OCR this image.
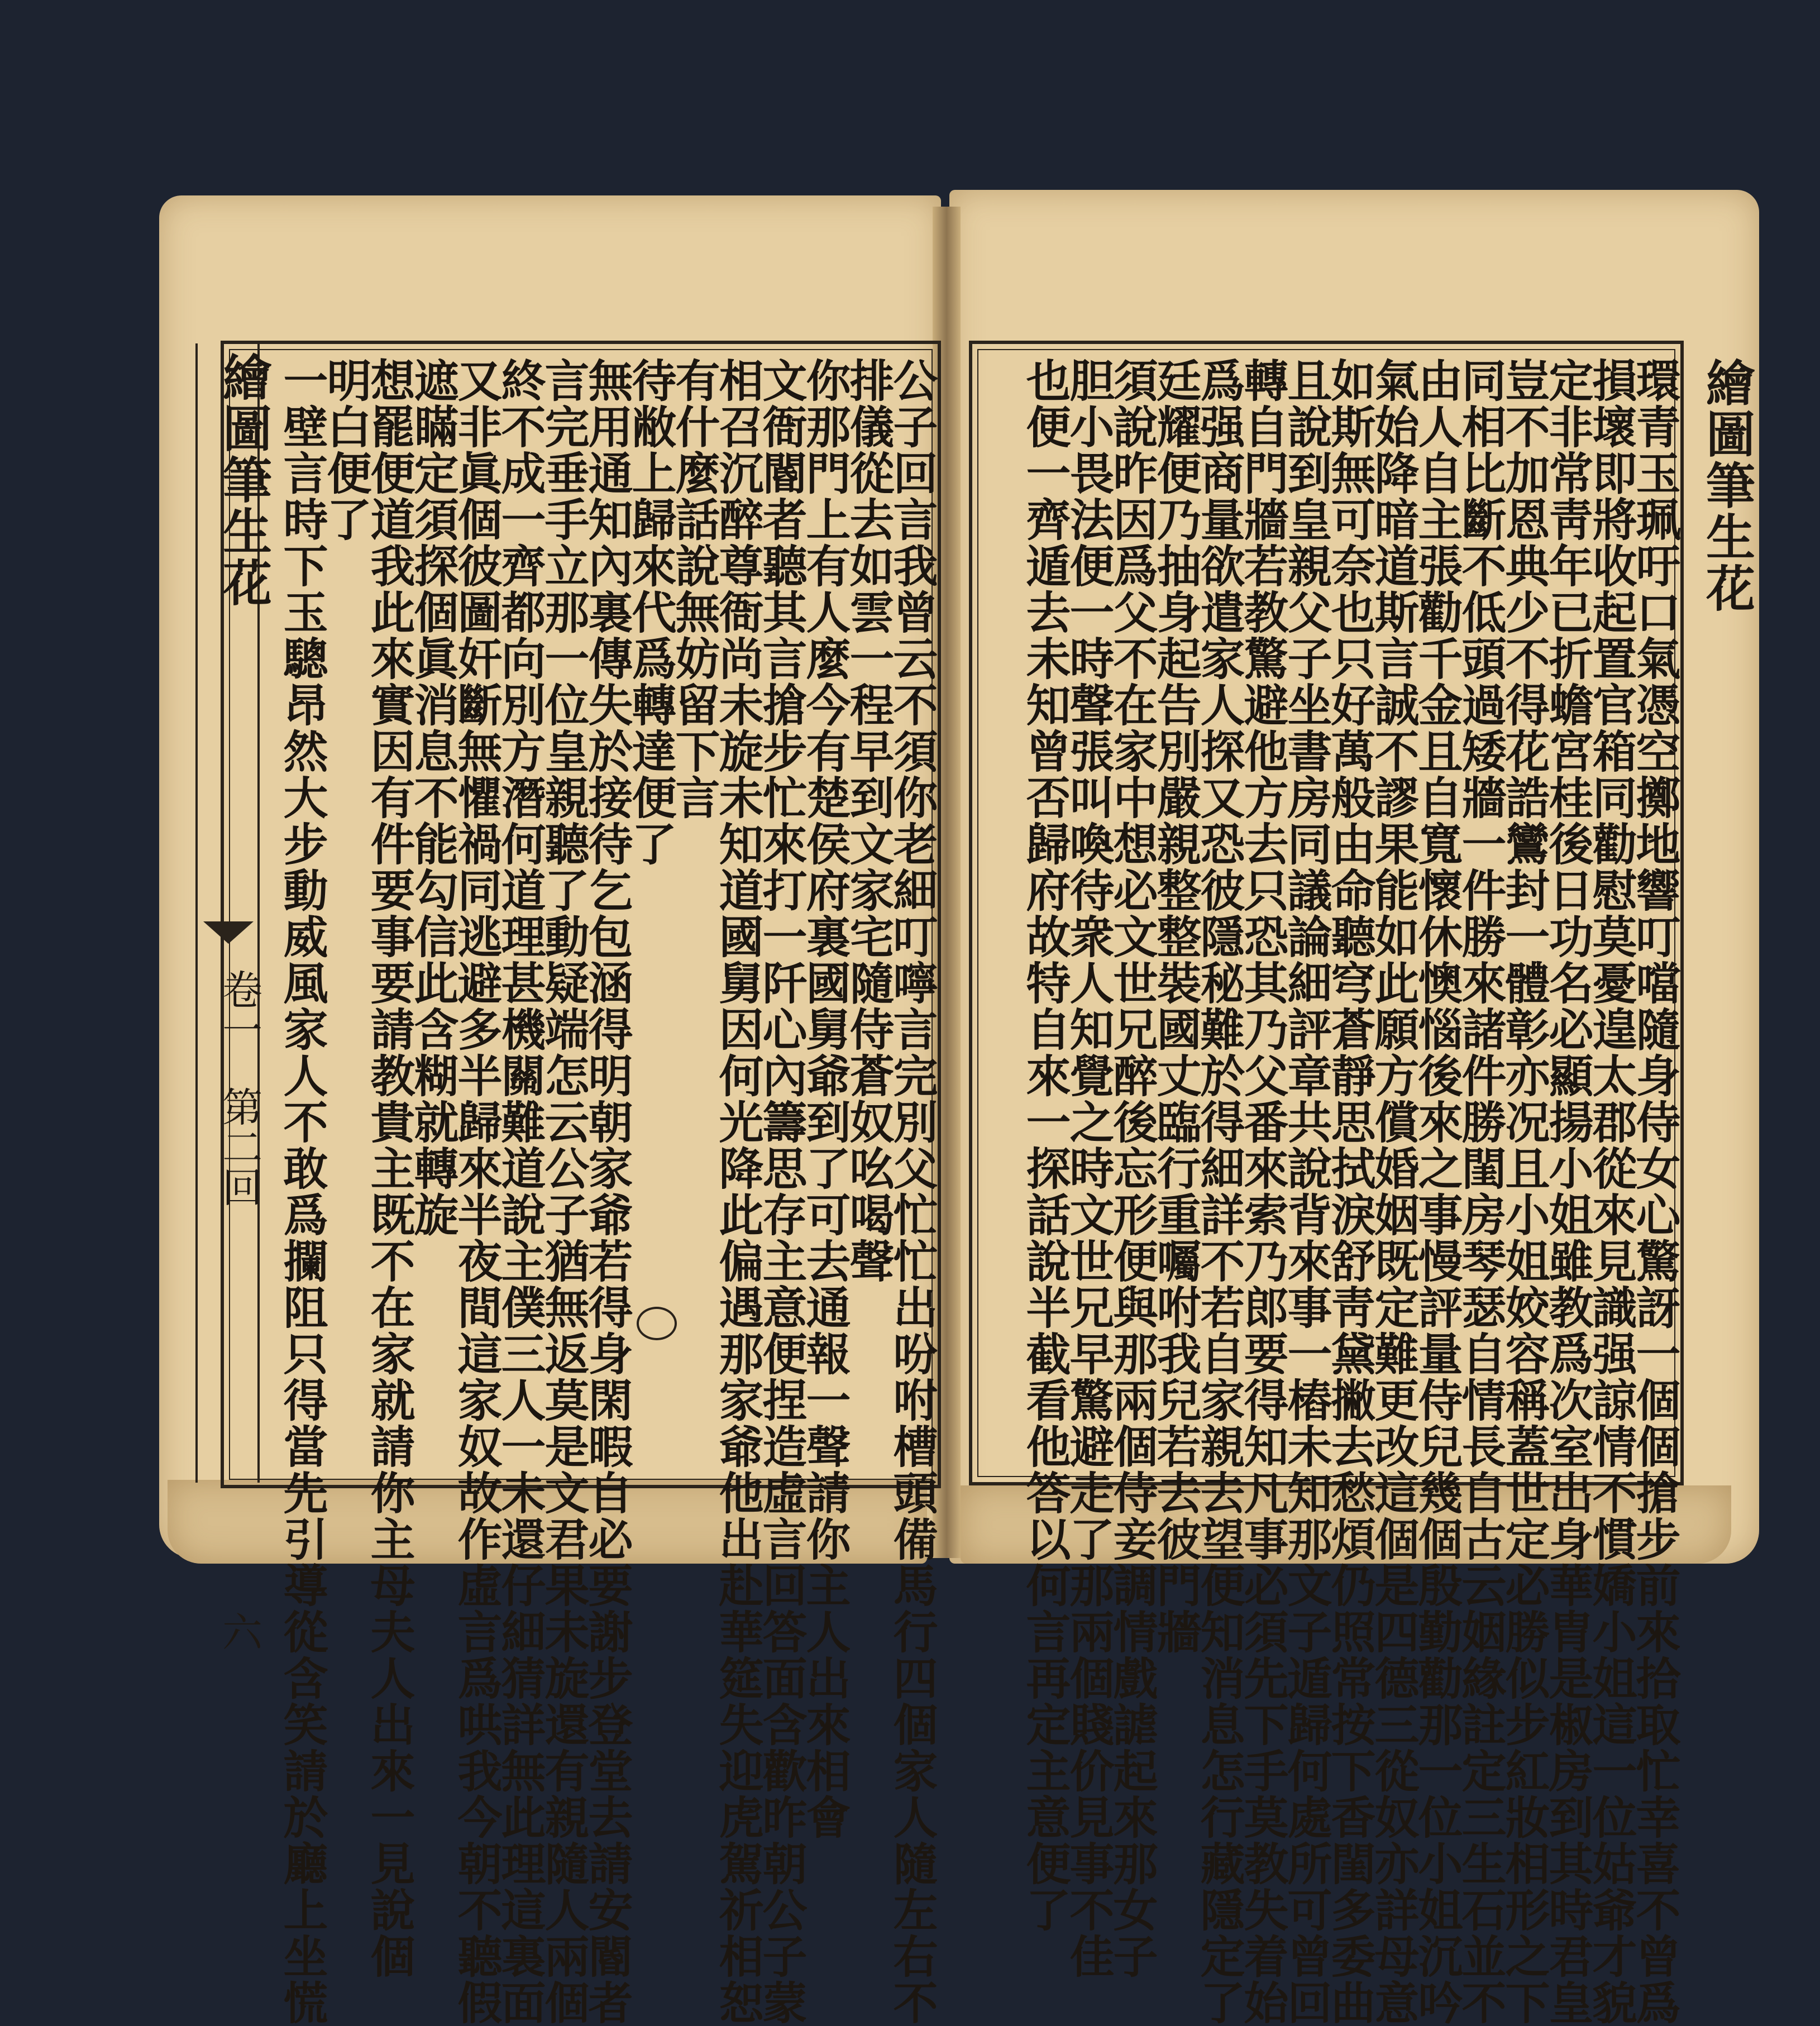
繪圖筆生花
卷一
第二回
六
繪圖筆生花
公子回言我曾云不須你老細叮嚀言完別父忙忙出吩咐槽頭備馬行四個家人隨左右不
排儀從去如雲一程早到文家宅隨侍蒼奴吆喝聲
你那門上有人麼今有楚侯府裏國舅爺到了可去通報一聲請你主人出來相會
文衙閽者聽其言搶步忙來打一阡心內籌思存主意便捏造虛言回答面含歡昨朝公子蒙
相召沉醉尊衙尚未旋未知道國舅因何光降此偏遇那家爺他出赴華筵失迎虎駕祈相恕
有什麼話說無妨留下言
待敝上歸來代爲轉達便了
無用通知內裏傳失於接待乞包涵得明朝家爺若得身閑暇自必要謝步登堂去請安閽者
言完垂手立那一位皇親聽了動疑端怎云公子猶無返莫是文君果未旋還有親隨人兩個
終不成一齊都向別方潛何道理甚機關難道說主僕三人一未還仔細猜詳無此理這裏面
又非眞個彼圖奸斷無懼禍同逃避多半歸來半夜間這家奴故作虛言爲哄我今朝不聽假
遮瞞定須探個眞消息不能勾信此含糊就轉旋
想罷便道我此來實因有件要事要請教貴主既不在家就請你主母夫人出來一見說個
明白便了
一壁言時下玉驄昂然大步動威風家人不敢爲攔阻只得當先引導從含笑請於廳上坐慌	環青玉珮吁口氣憑空擲地響叮噹隨身侍女心驚訝一個個搶步前來拾取忙幸喜不曾爲
損壞即將收起置官箱同勸慰莫憂遑太郡從來見識强諒情不慣嬌小姐這一位姑爺才貌
定非常靑年已折蟾宮桂後日功名必顯揚小姐雖教爲次室出身華胄是椒房到其時君皇
豈不加恩典少不得花誥鸞封一體彰亦况且小姐姣容稱蓋世定必勝似步紅妝相形之下
同相比斷不低頭過矮牆一件勝來諸件勝閨房琴瑟自情長自古云姻緣註定三生石並不
由人自主張勸千金且自寬懷休懊惱後來之事慢評量侍兒幾個殷勤勸那一位小姐沉吟
氣始降暗道斯言誠不謬果能如此願方償婚姻既定難更改這個是四德三從奴亦詳母意
如斯無可奈也只好萬般由命聽穹蒼靜思拭淚舒靑黛撇去愁煩仍照常按下香閨多委曲
且說到皇親父子坐書房同議論細評章共說背來事一樁未知那文子遁歸何處所可曾回
轉自門牆若教驚避他方去只恐其乃父番來索乃郎要得知凡事必須先下手莫教失着始
爲强商量欲遣家人探又恐彼隱秘難於得細詳不若自家親去望便知消息怎行藏隱定了
廷耀便乃抽身起告別嚴親整整裝國丈臨行重囑咐我兒若去彼門牆
須說昨因爲父不在家中想必文世兄醉後忘形便與那兩個侍妾調情戲謔起來那女子
胆小畏法便一時聲張叫喚待衆人知覺之時文世兄早驚避走了那兩個賤价見事不佳
也便一齊遁去未知曾否歸府故特自來一探話說半截看他答以何言再定主意便了
